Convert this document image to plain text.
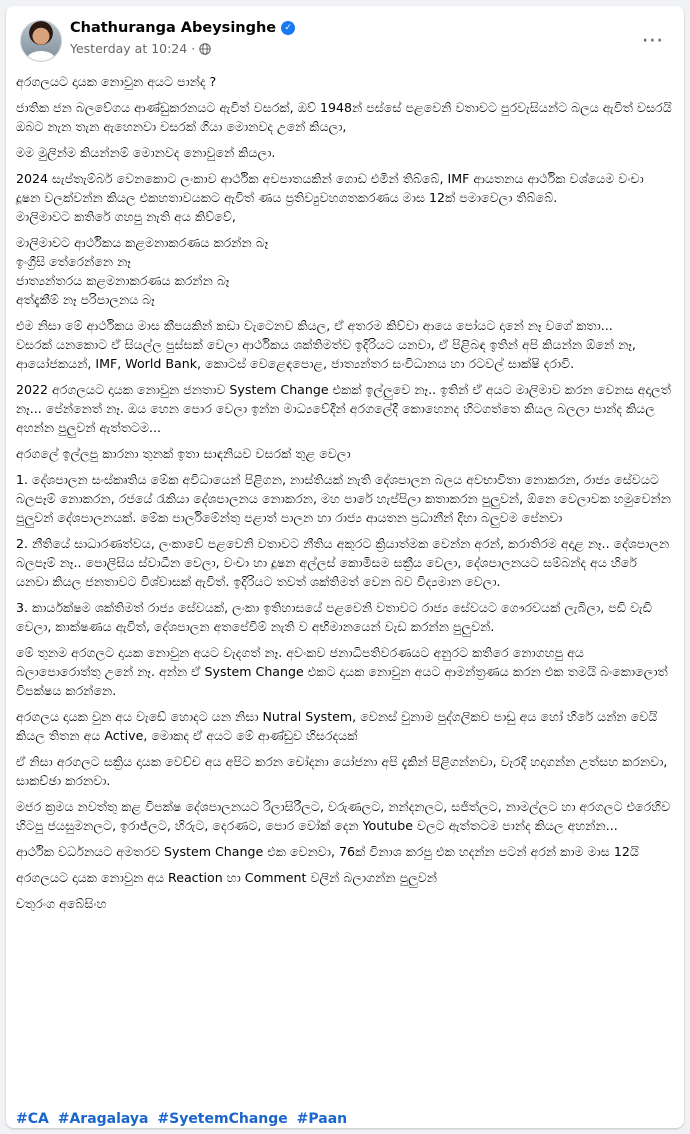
Chathuranga Abeysinghe ✓
Yesterday at 10:24 ·	⋯

අරගලයට දායක නොවුන අයට පාන්ද ?

ජාතික ජන බලවේගය ආණ්ඩුකරනයට ඇවිත් වසරක්, ඔව් 1948න් පස්සේ පළවෙනි වතාවට පුරවැසියන්ට බලය ඇවිත් වසරයි
ඔබට නැන තැන ඇහෙනවා වසරක් ගියා මොනවද උනේ කියලා,

මම මුලින්ම කියන්නම් මොනවද නොවුනේ කියලා.

2024 සැප්තැම්බර් වෙනකොට ලංකාව ආර්ථික අවපාතයකින් ගොඩ එමින් තිබ්බේ, IMF ආයතනය ආර්ථික වශ්යෙම වංචා දූෂන වලක්වන්න කියල එකහතාවයකට ඇවිත් ණය ප්‍රතිව්‍යුවහගතකරණය මාස 12ක් පමාවෙලා තිබ්බේ.
මාලිමාවට කතිරේ ගහපු නැති අය කිව්වේ,

මාලිමාවට ආර්ථිකය කළමනාකරණය කරන්න බෑ
ඉංග්‍රීසි තේරෙන්නෙ නෑ
ජාත්‍යන්තරය කළමනාකරණය කරන්න බෑ
අත්දැකීම් නෑ පරිපාලනය බෑ

එම නිසා මේ ආර්ථිකය මාස කීපයකින් කඩා වැටෙනව කියල, ඒ අතරම කිව්වා ආයෙ පෝයට දානේ නෑ වගේ කතා...
වසරක් යනකොට ඒ සියල්ල පුස්සක් වෙලා ආර්ථිකය ශක්තිමත්ව ඉදිරියට යනවා, ඒ පිළිබඳ ඉතින් අපි කියන්න ඕනේ නෑ, ආයෝජකයන්, IMF, World Bank, කොටස් වෙළෙඳපොළ, ජාත්‍යන්තර සංවිධානය හා රටවල් සාක්ෂි දරාවි.

2022 අරගලයට දායක නොවුන ජනතාව System Change එකක් ඉල්ලුවෙ නෑ.. ඉතින් ඒ අයට මාලිමාව කරන වෙනස අදාලත් නෑ... පේන්නෙත් නෑ. ඔය හෙන පොර වෙලා ඉන්න මාධ්‍යවේදීන් අරගලේදී කොහෙනද හිටගත්තෙ කියල බලලා පාන්ද කියල අහන්න පුලුවන් ඇත්තටම...

අරගලේ ඉල්ලපු කාරනා තුනක් ඉතා සාඳනියව වසරක් තුළ වෙලා

1. දේශපාලන සංස්කෘතිය මේක අවිධායෙන් පිළිගන, නාස්තියක් නැති දේශපාලන බලය අවභාවිතා නොකරන, රාජ්‍ය සේවයට බලපෑම් නොකරන, රජයේ රැකියා දේශපාලනය නොකරන, මහ පාරේ හැප්පිලා කතාකරන පුලුවන්, ඕනෙ වෙලාවක හමුවෙන්න පුලුවන් දේශපාලනයක්. මේක පාර්ලිමේන්තු පළාත් පාලන හා රාජ්‍ය ආයතන ප්‍රධානීන් දිහා බලුවම පේනවා

2. නීතියේ සාධාරණත්වය, ලංකාවේ පළවෙනි වතාවට නීතිය අකුරට ක්‍රියාත්මක වෙන්න අරන්, කරාතිරම අදාළ නෑ.. දේශපාලන බලපෑම් නෑ.. පොලිසිය ස්වාධීන වෙලා, වංචා හා දූෂන අල්ලස් කොමිසම සක්‍රීය වෙලා, දේශපාලනයට සම්බන්ද අය හිරේ යනවා කියල ජනතාවට විශ්වාසක් ඇවිත්. ඉදිරියට තවත් ශක්තිමත් වෙන බව විද්‍යමාන වෙලා.

3. කාර්යක්ෂම ශක්තිමත් රාජ්‍ය සේවයක්, ලංකා ඉතිහාසයේ පළවෙනි වතාවට රාජ්‍ය සේවයට ගෞරවයක් ලැබිලා, පඩි වැඩි වෙලා, කාක්ෂණය ඇවිත්, දේශපාලන අතපේවීම් නැති ව අභිමානයෙන් වැඩ කරන්න පුලුවන්.

මේ තුනම අරගලට දායක නොවුන අයට වැදගත් නෑ. අවංකව ජනාධිපතිවරණයට අනුරට කතිරෙ නොගහපු අය බලාපොරොත්තු උනේ නෑ. අන්න ඒ System Change එකට දායක නොවුන අයට ආමන්ත්‍රණය කරන එක තමයි බංකොලොත් විපක්ෂය කරන්නෙ.

අරගලය දායක වුන අය වැඩේ හොදට යන නිසා Nutral System, වෙනස් වුනාම පුද්ගලිකව පාඩු අය හෝ හිරේ යන්න වෙයි කියල තිතන අය Active, මොකද ඒ අයට මේ ආණ්ඩුව හිසරදයක්

ඒ නිසා අරගලට සක්‍රිය දායක වෙච්ච අය අපිට කරන චෝදනා යෝජනා අපි දැකින් පිළිගන්නවා, වැරදි හදාගන්න උත්සහ කරනවා, සාකච්ඡා කරනවා.

මජර ක්‍රමය නවත්තු කළ විපක්ෂ දේශපාලනයට රිලාසිරීලට, වරුණලට, නන්දනලට, සජිත්ලට, නාමල්ලට හා අරගලට එරෙහිව හිටපු ජයසුමනලට, ඉරාජ්ලට, හිරුට, දෙරණට, පොර වෝක් දෙන Youtube වලට ඇත්තටම පාන්ද කියල අහන්න...

ආර්ථික වර්ධනයට අමතරව System Change එක වෙනවා, 76ක් විනාශ කරපු එක හදන්න පටන් අරන් කාම මාස 12යි

අරගලයට දායක නොවුන අය Reaction හා Comment වලින් බලාගන්න පුලුවන්

චතුරංග අබේසිංහ

#CA #Aragalaya #SyetemChange #Paan
